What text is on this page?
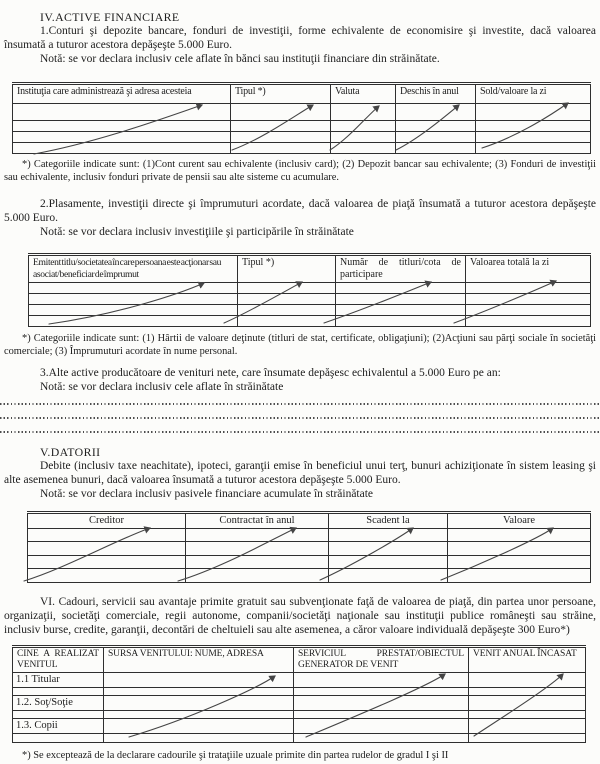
IV.ACTIVE FINANCIARE

1.Conturi şi depozite bancare, fonduri de investiţii, forme echivalente de economisire şi investite, dacă valoarea însumată a tuturor acestora depăşeşte 5.000 Euro.

Notă: se vor declara inclusiv cele aflate în bănci sau instituţii financiare din străinătate.

Instituţia care administrează şi adresa acesteia	Tipul *)	Valuta	Deschis în anul	Sold/valoare la zi

*) Categoriile indicate sunt: (1)Cont curent sau echivalente (inclusiv card); (2) Depozit bancar sau echivalente; (3) Fonduri de investiţii sau echivalente, inclusiv fonduri private de pensii sau alte sisteme cu acumulare.

2.Plasamente, investiţii directe şi împrumuturi acordate, dacă valoarea de piaţă însumată a tuturor acestora depăşeşte 5.000 Euro.

Notă: se vor declara inclusiv investiţiile şi participările în străinătate

Emitent titlu/societatea în care persoana este acţionar sau asociat/beneficiar de împrumut	Tipul *)	Număr de titluri/cota de participare	Valoarea totală la zi

*) Categoriile indicate sunt: (1) Hârtii de valoare deţinute (titluri de stat, certificate, obligaţiuni); (2)Acţiuni sau părţi sociale în societăţi comerciale; (3) Împrumuturi acordate în nume personal.

3.Alte active producătoare de venituri nete, care însumate depăşesc echivalentul a 5.000 Euro pe an:

Notă: se vor declara inclusiv cele aflate în străinătate

V.DATORII

Debite (inclusiv taxe neachitate), ipoteci, garanţii emise în beneficiul unui terţ, bunuri achiziţionate în sistem leasing şi alte asemenea bunuri, dacă valoarea însumată a tuturor acestora depăşeşte 5.000 Euro.

Notă: se vor declara inclusiv pasivele financiare acumulate în străinătate

Creditor	Contractat în anul	Scadent la	Valoare

VI. Cadouri, servicii sau avantaje primite gratuit sau subvenţionate faţă de valoarea de piaţă, din partea unor persoane, organizaţii, societăţi comerciale, regii autonome, companii/societăţi naţionale sau instituţii publice româneşti sau străine, inclusiv burse, credite, garanţii, decontări de cheltuieli sau alte asemenea, a căror valoare individuală depăşeşte 300 Euro*)

CINE A REALIZAT VENITUL	SURSA VENITULUI: NUME, ADRESA	SERVICIUL PRESTAT/OBIECTUL GENERATOR DE VENIT	VENIT ANUAL ÎNCASAT
1.1 Titular			

1.2. Soţ/Soţie			

1.3. Copii			

*) Se exceptează de la declarare cadourile şi trataţiile uzuale primite din partea rudelor de gradul I şi II
